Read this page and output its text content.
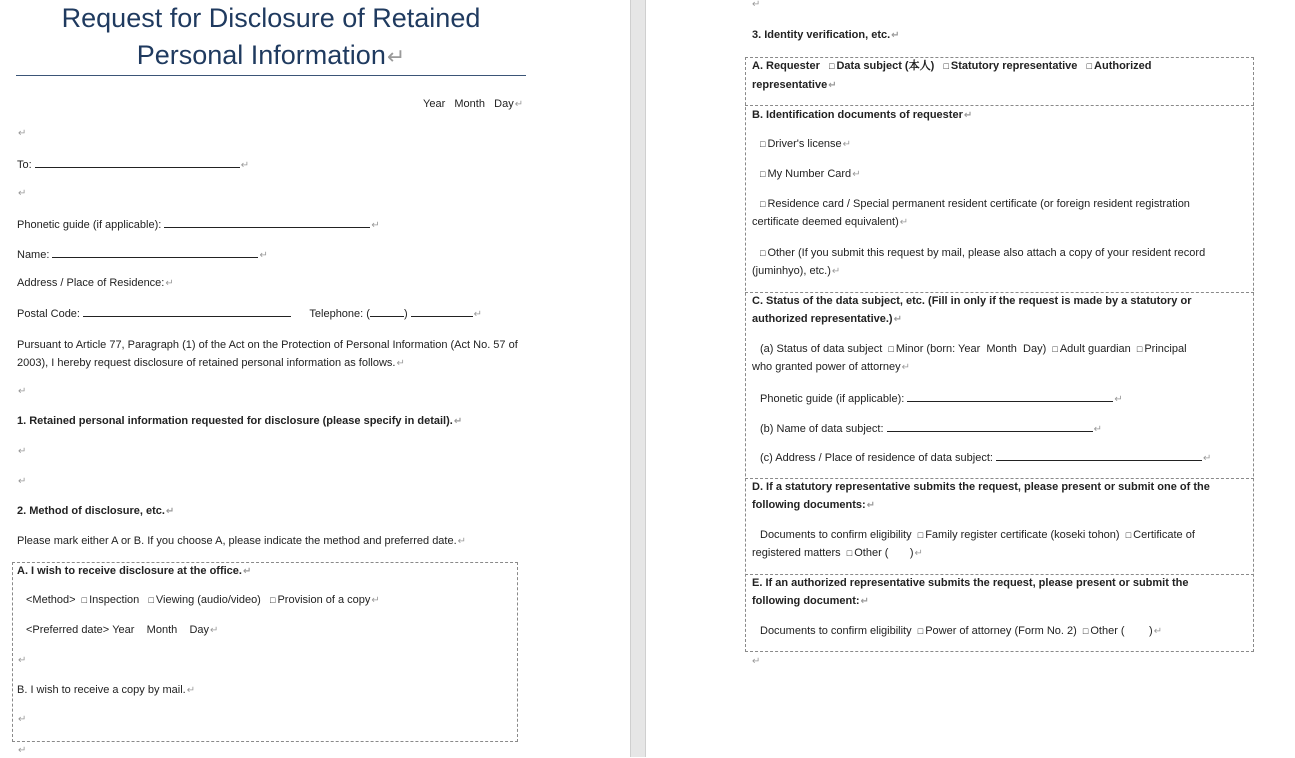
Request for Disclosure of Retained
Personal Information↵
Year   Month   Day↵
↵
To:	↵
↵
Phonetic guide (if applicable):	↵
Name:	↵
Address / Place of Residence:↵
Postal Code:	Telephone: (	)	↵
Pursuant to Article 77, Paragraph (1) of the Act on the Protection of Personal Information (Act No. 57 of 2003), I hereby request disclosure of retained personal information as follows.↵
↵
1. Retained personal information requested for disclosure (please specify in detail).↵
↵
↵
2. Method of disclosure, etc.↵
Please mark either A or B. If you choose A, please indicate the method and preferred date.↵
A. I wish to receive disclosure at the office.↵
<Method> □ Inspection □ Viewing (audio/video) □ Provision of a copy↵
<Preferred date> Year    Month    Day↵
↵
B. I wish to receive a copy by mail.↵
↵
↵
↵
3. Identity verification, etc.↵
A. Requester □ Data subject (本人) □ Statutory representative □ Authorized
representative↵
B. Identification documents of requester↵
□ Driver's license↵
□ My Number Card↵
□ Residence card / Special permanent resident certificate (or foreign resident registration
certificate deemed equivalent)↵
□ Other (If you submit this request by mail, please also attach a copy of your resident record
(juminhyo), etc.)↵
C. Status of the data subject, etc. (Fill in only if the request is made by a statutory or
authorized representative.)↵
(a) Status of data subject □ Minor (born: Year  Month  Day) □ Adult guardian □ Principal
who granted power of attorney↵
Phonetic guide (if applicable):	↵
(b) Name of data subject:	↵
(c) Address / Place of residence of data subject:	↵
D. If a statutory representative submits the request, please present or submit one of the
following documents:↵
Documents to confirm eligibility □ Family register certificate (koseki tohon) □ Certificate of
registered matters □ Other ( )↵
E. If an authorized representative submits the request, please present or submit the
following document:↵
Documents to confirm eligibility □ Power of attorney (Form No. 2) □ Other ( )↵
↵
